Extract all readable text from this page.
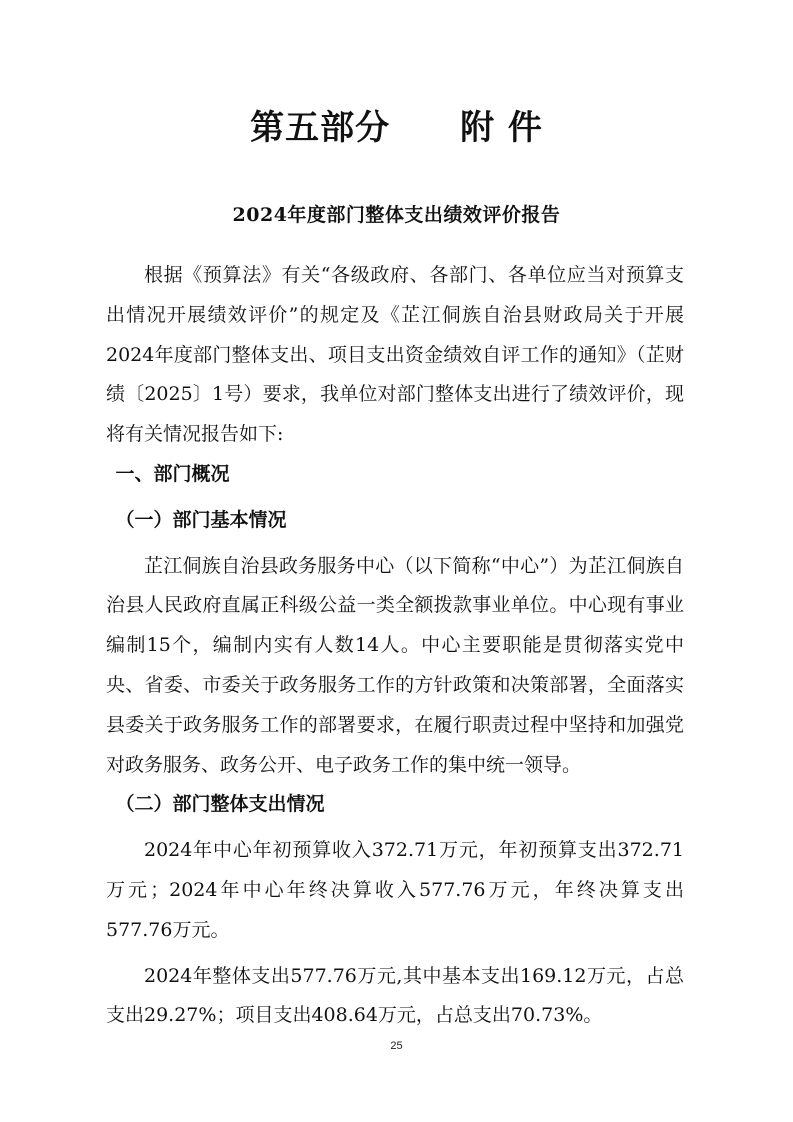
第五部分　　附 件
2024年度部门整体支出绩效评价报告

根据《预算法》有关“各级政府、各部门、各单位应当对预算支出情况开展绩效评价”的规定及《芷江侗族自治县财政局关于开展2024年度部门整体支出、项目支出资金绩效自评工作的通知》（芷财绩〔2025〕1号）要求，我单位对部门整体支出进行了绩效评价，现将有关情况报告如下:

一、部门概况

（一）部门基本情况

芷江侗族自治县政务服务中心（以下简称“中心”）为芷江侗族自治县人民政府直属正科级公益一类全额拨款事业单位。中心现有事业编制15个，编制内实有人数14人。中心主要职能是贯彻落实党中央、省委、市委关于政务服务工作的方针政策和决策部署，全面落实县委关于政务服务工作的部署要求，在履行职责过程中坚持和加强党对政务服务、政务公开、电子政务工作的集中统一领导。

（二）部门整体支出情况

2024年中心年初预算收入372.71万元，年初预算支出372.71万元；2024年中心年终决算收入577.76万元，年终决算支出577.76万元。

2024年整体支出577.76万元,其中基本支出169.12万元，占总支出29.27%；项目支出408.64万元，占总支出70.73%。

25
